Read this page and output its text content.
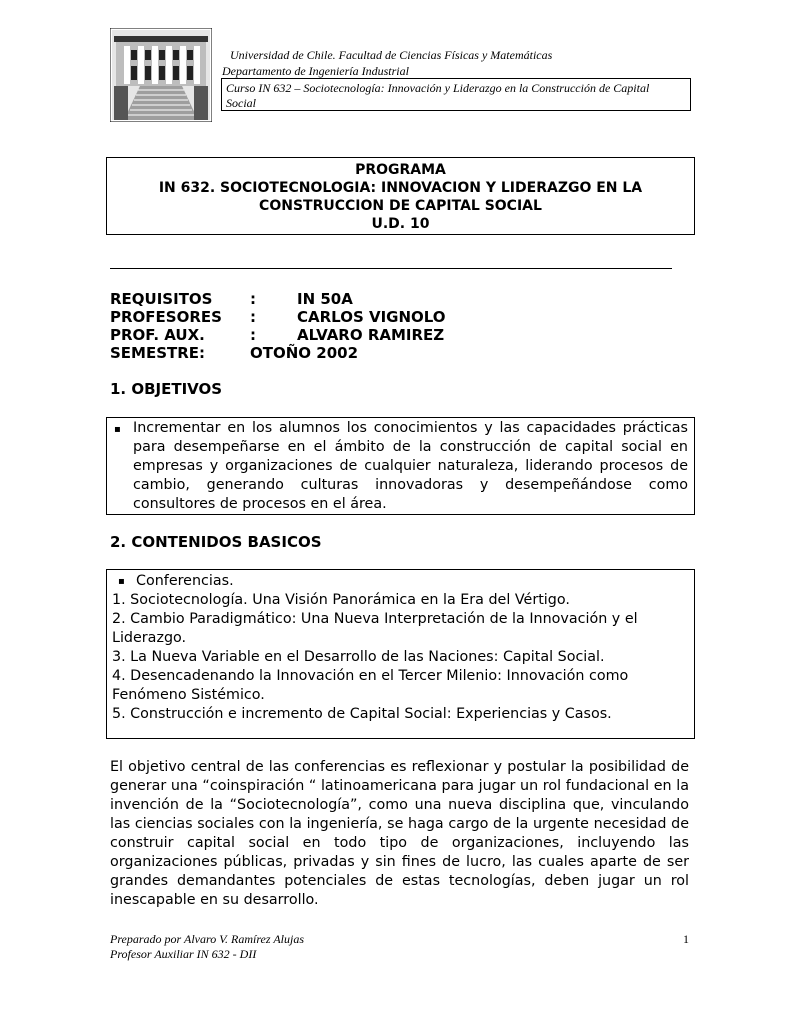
Universidad de Chile. Facultad de Ciencias Físicas y Matemáticas
Departamento de Ingeniería Industrial
Curso IN 632 – Sociotecnología: Innovación y Liderazgo en la Construcción de Capital
Social
PROGRAMA
IN 632. SOCIOTECNOLOGIA: INNOVACION Y LIDERAZGO EN LA
CONSTRUCCION DE CAPITAL SOCIAL
U.D. 10
REQUISITOS	:	IN 50A
PROFESORES :	CARLOS VIGNOLO
PROF. AUX.	:	ALVARO RAMIREZ
SEMESTRE:	OTOÑO 2002
1. OBJETIVOS
▪ Incrementar en los alumnos los conocimientos y las capacidades prácticas para desempeñarse en el ámbito de la construcción de capital social en empresas y organizaciones de cualquier naturaleza, liderando procesos de cambio, generando culturas innovadoras y desempeñándose como consultores de procesos en el área.
2. CONTENIDOS BASICOS
▪ Conferencias.
1. Sociotecnología. Una Visión Panorámica en la Era del Vértigo.
2. Cambio Paradigmático: Una Nueva Interpretación de la Innovación y el Liderazgo.
3. La Nueva Variable en el Desarrollo de las Naciones: Capital Social.
4. Desencadenando la Innovación en el Tercer Milenio: Innovación como Fenómeno Sistémico.
5. Construcción e incremento de Capital Social: Experiencias y Casos.
El objetivo central de las conferencias es reflexionar y postular la posibilidad de generar una “coinspiración “ latinoamericana para jugar un rol fundacional en la invención de la “Sociotecnología”, como una nueva disciplina que, vinculando las ciencias sociales con la ingeniería, se haga cargo de la urgente necesidad de construir capital social en todo tipo de organizaciones, incluyendo las organizaciones públicas, privadas y sin fines de lucro, las cuales aparte de ser grandes demandantes potenciales de estas tecnologías, deben jugar un rol inescapable en su desarrollo.
Preparado por Alvaro V. Ramírez Alujas
Profesor Auxiliar IN 632 - DII
1
